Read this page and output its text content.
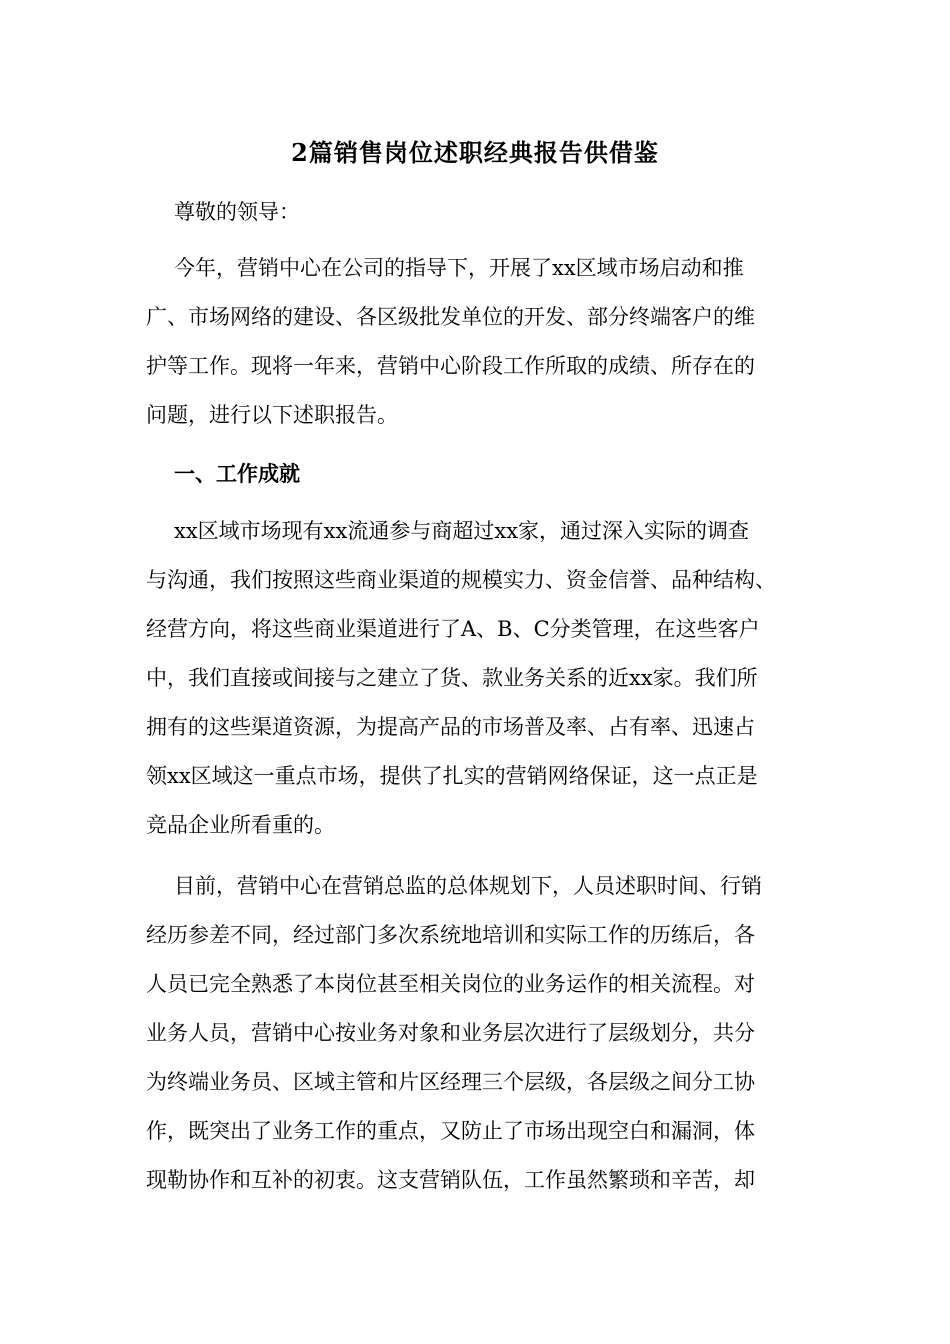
2篇销售岗位述职经典报告供借鉴
尊敬的领导：
今年，营销中心在公司的指导下，开展了xx区域市场启动和推
广、市场网络的建设、各区级批发单位的开发、部分终端客户的维
护等工作。现将一年来，营销中心阶段工作所取的成绩、所存在的
问题，进行以下述职报告。
一、工作成就
xx区域市场现有xx流通参与商超过xx家，通过深入实际的调查
与沟通，我们按照这些商业渠道的规模实力、资金信誉、品种结构、
经营方向，将这些商业渠道进行了A、B、C分类管理，在这些客户
中，我们直接或间接与之建立了货、款业务关系的近xx家。我们所
拥有的这些渠道资源，为提高产品的市场普及率、占有率、迅速占
领xx区域这一重点市场，提供了扎实的营销网络保证，这一点正是
竞品企业所看重的。
目前，营销中心在营销总监的总体规划下，人员述职时间、行销
经历参差不同，经过部门多次系统地培训和实际工作的历练后，各
人员已完全熟悉了本岗位甚至相关岗位的业务运作的相关流程。对
业务人员，营销中心按业务对象和业务层次进行了层级划分，共分
为终端业务员、区域主管和片区经理三个层级，各层级之间分工协
作，既突出了业务工作的重点，又防止了市场出现空白和漏洞，体
现勒协作和互补的初衷。这支营销队伍，工作虽然繁琐和辛苦，却
